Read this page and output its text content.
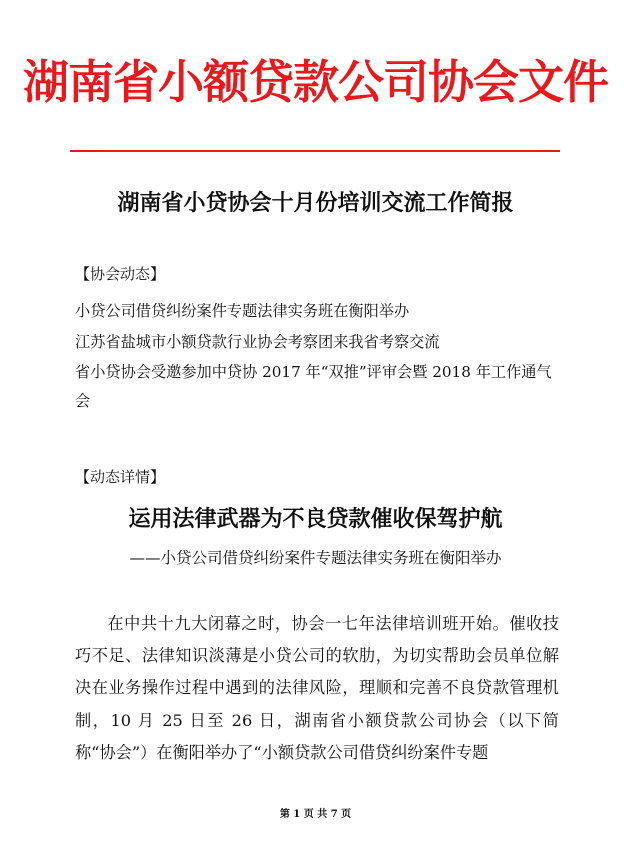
湖南省小额贷款公司协会文件
湖南省小贷协会十月份培训交流工作简报
【协会动态】
小贷公司借贷纠纷案件专题法律实务班在衡阳举办
江苏省盐城市小额贷款行业协会考察团来我省考察交流
省小贷协会受邀参加中贷协 2017 年“双推”评审会暨 2018 年工作通气会
【动态详情】
运用法律武器为不良贷款催收保驾护航
——小贷公司借贷纠纷案件专题法律实务班在衡阳举办

在中共十九大闭幕之时，协会一七年法律培训班开始。催收技巧不足、法律知识淡薄是小贷公司的软肋，为切实帮助会员单位解决在业务操作过程中遇到的法律风险，理顺和完善不良贷款管理机制，10 月 25 日至 26 日，湖南省小额贷款公司协会（以下简称“协会”）在衡阳举办了“小额贷款公司借贷纠纷案件专题

第 1 页 共 7 页
